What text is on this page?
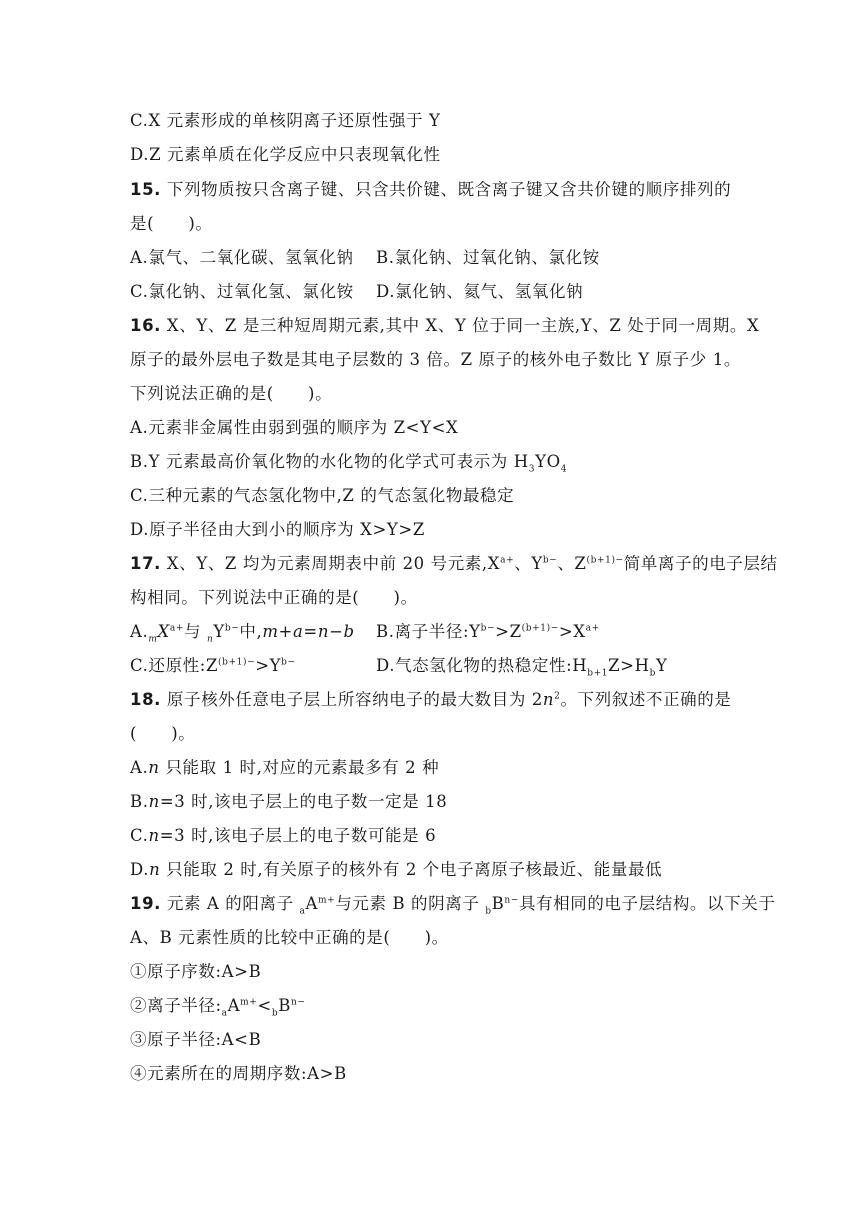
C.X 元素形成的单核阴离子还原性强于 Y
D.Z 元素单质在化学反应中只表现氧化性
15. 下列物质按只含离子键、只含共价键、既含离子键又含共价键的顺序排列的
是(　　)。
A.氯气、二氧化碳、氢氧化钠 B.氯化钠、过氧化钠、氯化铵
C.氯化钠、过氧化氢、氯化铵 D.氯化钠、氦气、氢氧化钠
16. X、Y、Z 是三种短周期元素,其中 X、Y 位于同一主族,Y、Z 处于同一周期。X
原子的最外层电子数是其电子层数的 3 倍。Z 原子的核外电子数比 Y 原子少 1。
下列说法正确的是(　　)。
A.元素非金属性由弱到强的顺序为 Z<Y<X
B.Y 元素最高价氧化物的水化物的化学式可表示为 $H_3YO_4$
C.三种元素的气态氢化物中,Z 的气态氢化物最稳定
D.原子半径由大到小的顺序为 X>Y>Z
17. X、Y、Z 均为元素周期表中前 20 号元素$,X^{a+}$、$Y^{b-}$、$Z^{(b+1)-}$简单离子的电子层结
构相同。下列说法中正确的是(　　)。
$A._mX^{a+}$与 $_nY^{b-}$中,m+a=n−b B.离子半径$:Y^{b-}>Z^{(b+1)-}>X^{a+}$
C.还原性$:Z^{(b+1)-}>Y^{b-}$	D.气态氢化物的热稳定性$:H_{b+1}Z>H_bY$
18. 原子核外任意电子层上所容纳电子的最大数目为 $2n^2$。下列叙述不正确的是
(　　)。
A.n 只能取 1 时,对应的元素最多有 2 种
B.n=3 时,该电子层上的电子数一定是 18
C.n=3 时,该电子层上的电子数可能是 6
D.n 只能取 2 时,有关原子的核外有 2 个电子离原子核最近、能量最低
19. 元素 A 的阳离子 $_aA^{m+}$与元素 B 的阴离子 $_bB^{n-}$具有相同的电子层结构。以下关于
A、B 元素性质的比较中正确的是(　　)。
①原子序数:A>B
②离子半径$:_aA^{m+}<_bB^{n-}$
③原子半径:A<B
④元素所在的周期序数:A>B
